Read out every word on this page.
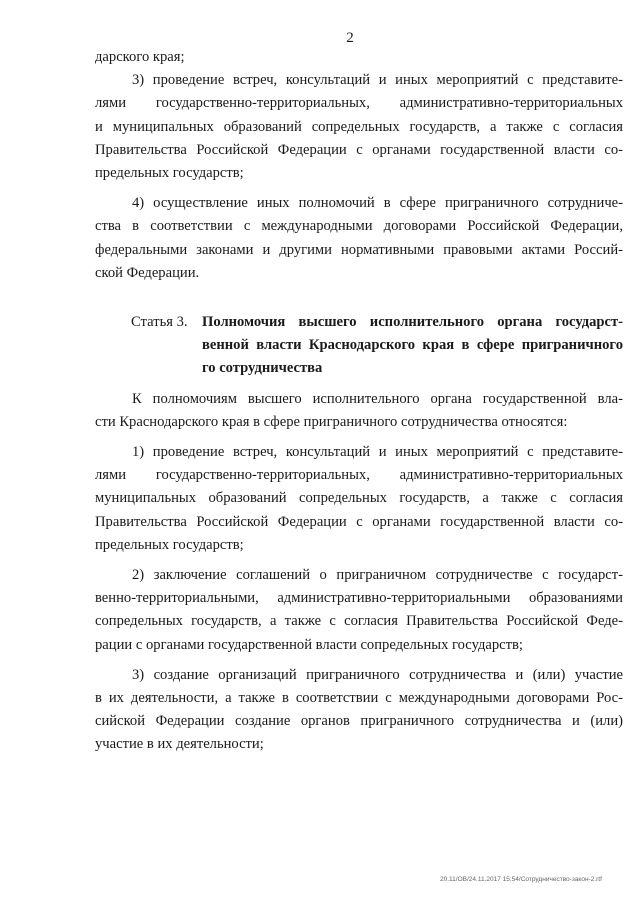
2
дарского края;
3) проведение встреч, консультаций и иных мероприятий с представите-
лями государственно-территориальных, административно-территориальных
и муниципальных образований сопредельных государств, а также с согласия
Правительства Российской Федерации с органами государственной власти со-
предельных государств;
4) осуществление иных полномочий в сфере приграничного сотрудниче-
ства в соответствии с международными договорами Российской Федерации,
федеральными законами и другими нормативными правовыми актами Россий-
ской Федерации.
Статья 3. Полномочия высшего исполнительного органа государст-
венной власти Краснодарского края в сфере приграничного
го сотрудничества
К полномочиям высшего исполнительного органа государственной вла-
сти Краснодарского края в сфере приграничного сотрудничества относятся:
1) проведение встреч, консультаций и иных мероприятий с представите-
лями государственно-территориальных, административно-территориальных
муниципальных образований сопредельных государств, а также с согласия
Правительства Российской Федерации с органами государственной власти со-
предельных государств;
2) заключение соглашений о приграничном сотрудничестве с государст-
венно-территориальными, административно-территориальными образованиями
сопредельных государств, а также с согласия Правительства Российской Феде-
рации с органами государственной власти сопредельных государств;
3) создание организаций приграничного сотрудничества и (или) участие
в их деятельности, а также в соответствии с международными договорами Рос-
сийской Федерации создание органов приграничного сотрудничества и (или)
участие в их деятельности;
20.11/ОВ/24.11.2017 15:54/Сотрудничество-закон-2.rtf
